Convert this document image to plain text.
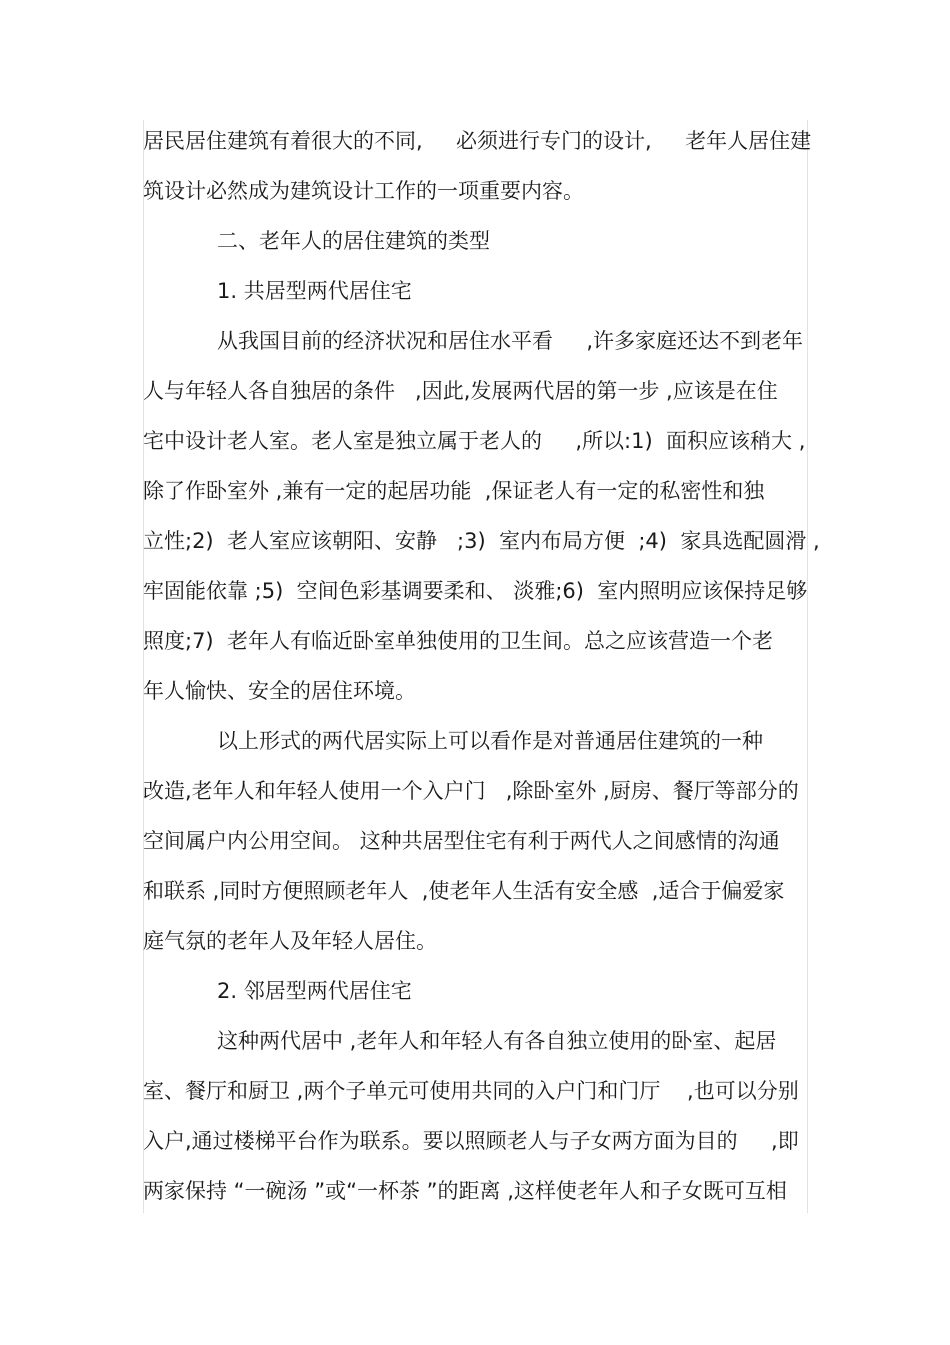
居民居住建筑有着很大的不同,     必须进行专门的设计,     老年人居住建
筑设计必然成为建筑设计工作的一项重要内容。
二、老年人的居住建筑的类型
1. 共居型两代居住宅
从我国目前的经济状况和居住水平看     ,许多家庭还达不到老年
人与年轻人各自独居的条件   ,因此,发展两代居的第一步 ,应该是在住
宅中设计老人室。老人室是独立属于老人的     ,所以:1)  面积应该稍大 ,
除了作卧室外 ,兼有一定的起居功能  ,保证老人有一定的私密性和独
立性;2)  老人室应该朝阳、安静   ;3)  室内布局方便  ;4)  家具选配圆滑 ,
牢固能依靠 ;5)  空间色彩基调要柔和、 淡雅;6)  室内照明应该保持足够
照度;7)  老年人有临近卧室单独使用的卫生间。总之应该营造一个老
年人愉快、安全的居住环境。
以上形式的两代居实际上可以看作是对普通居住建筑的一种
改造,老年人和年轻人使用一个入户门   ,除卧室外 ,厨房、餐厅等部分的
空间属户内公用空间。 这种共居型住宅有利于两代人之间感情的沟通
和联系 ,同时方便照顾老年人  ,使老年人生活有安全感  ,适合于偏爱家
庭气氛的老年人及年轻人居住。
2. 邻居型两代居住宅
这种两代居中 ,老年人和年轻人有各自独立使用的卧室、起居
室、餐厅和厨卫 ,两个子单元可使用共同的入户门和门厅    ,也可以分别
入户,通过楼梯平台作为联系。要以照顾老人与子女两方面为目的     ,即
两家保持 “一碗汤 ”或“一杯茶 ”的距离 ,这样使老年人和子女既可互相
